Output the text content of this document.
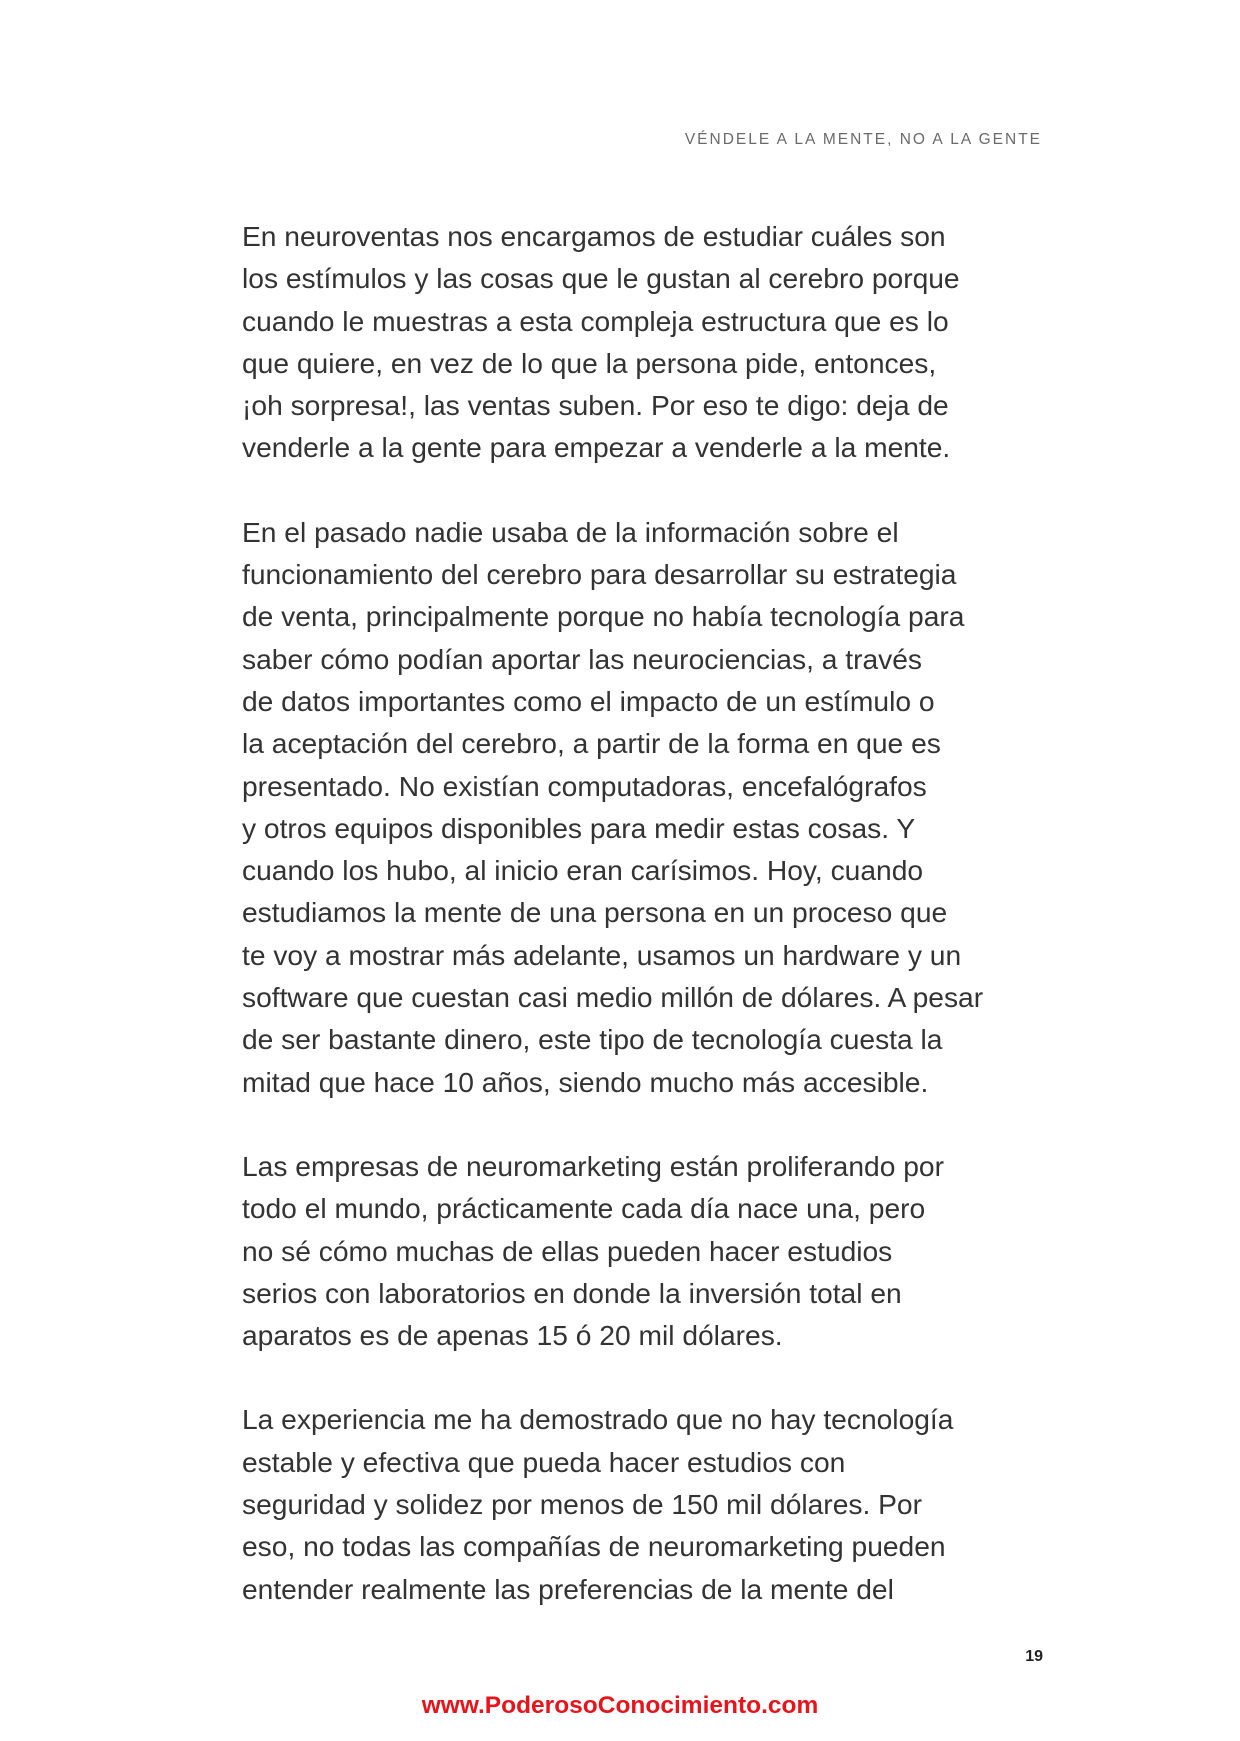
VÉNDELE A LA MENTE, NO A LA GENTE

En neuroventas nos encargamos de estudiar cuáles son
los estímulos y las cosas que le gustan al cerebro porque
cuando le muestras a esta compleja estructura que es lo
que quiere, en vez de lo que la persona pide, entonces,
¡oh sorpresa!, las ventas suben. Por eso te digo: deja de
venderle a la gente para empezar a venderle a la mente.

En el pasado nadie usaba de la información sobre el
funcionamiento del cerebro para desarrollar su estrategia
de venta, principalmente porque no había tecnología para
saber cómo podían aportar las neurociencias, a través
de datos importantes como el impacto de un estímulo o
la aceptación del cerebro, a partir de la forma en que es
presentado. No existían computadoras, encefalógrafos
y otros equipos disponibles para medir estas cosas. Y
cuando los hubo, al inicio eran carísimos. Hoy, cuando
estudiamos la mente de una persona en un proceso que
te voy a mostrar más adelante, usamos un hardware y un
software que cuestan casi medio millón de dólares. A pesar
de ser bastante dinero, este tipo de tecnología cuesta la
mitad que hace 10 años, siendo mucho más accesible.

Las empresas de neuromarketing están proliferando por
todo el mundo, prácticamente cada día nace una, pero
no sé cómo muchas de ellas pueden hacer estudios
serios con laboratorios en donde la inversión total en
aparatos es de apenas 15 ó 20 mil dólares.

La experiencia me ha demostrado que no hay tecnología
estable y efectiva que pueda hacer estudios con
seguridad y solidez por menos de 150 mil dólares. Por
eso, no todas las compañías de neuromarketing pueden
entender realmente las preferencias de la mente del

19
www.PoderosoConocimiento.com
